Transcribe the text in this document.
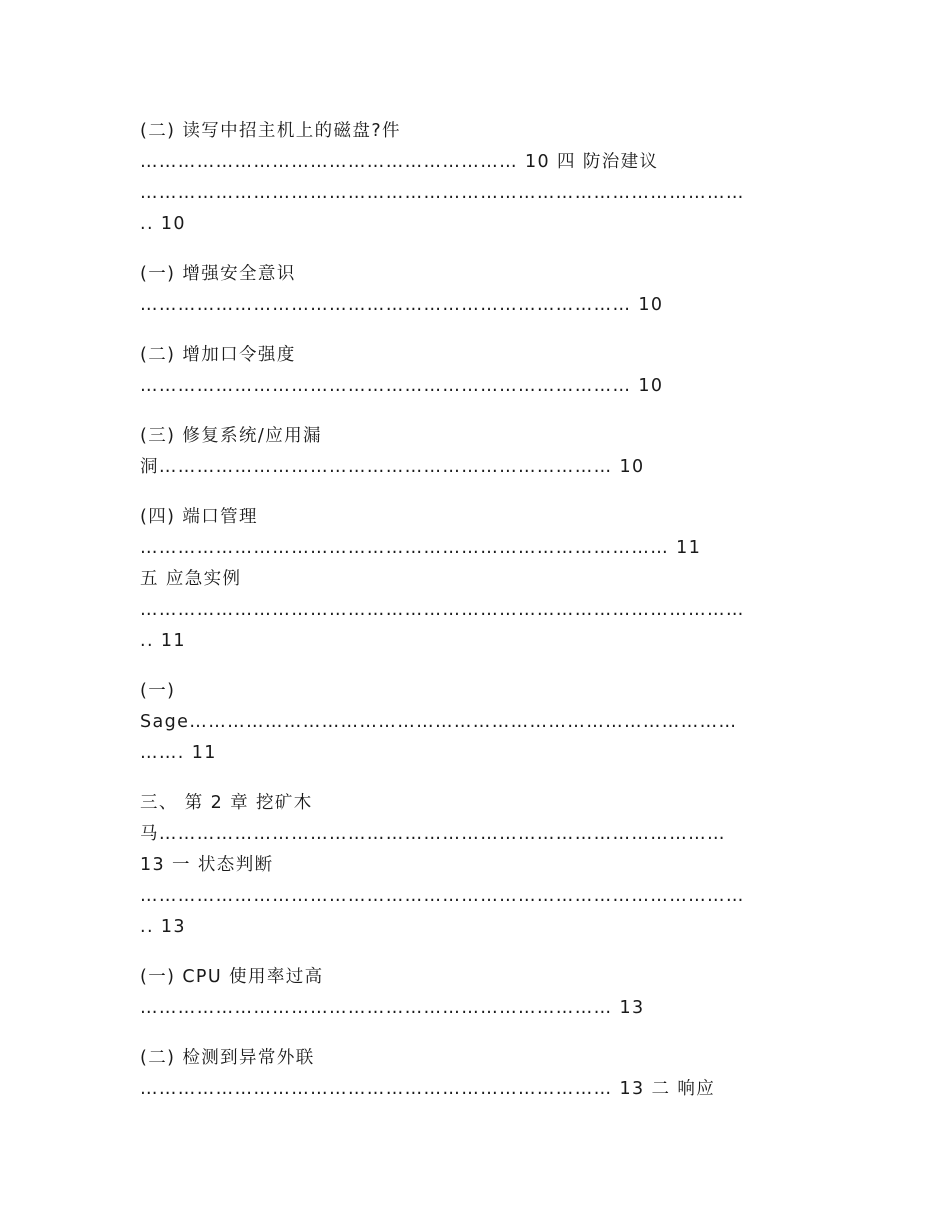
(二) 读写中招主机上的磁盘?件
…………………………………………………… 10 四 防治建议
……………………………………………………………………………………
.. 10
(一) 增强安全意识
…………………………………………………………………… 10
(二) 增加口令强度
…………………………………………………………………… 10
(三) 修复系统/应用漏
洞……………………………………………………………… 10
(四) 端口管理
………………………………………………………………………… 11
五 应急实例
……………………………………………………………………………………
.. 11
(一)
Sage……………………………………………………………………………
……. 11
三、 第 2 章 挖矿木
马………………………………………………………………………………
13 一 状态判断
……………………………………………………………………………………
.. 13
(一) CPU 使用率过高
………………………………………………………………… 13
(二) 检测到异常外联
………………………………………………………………… 13 二 响应
